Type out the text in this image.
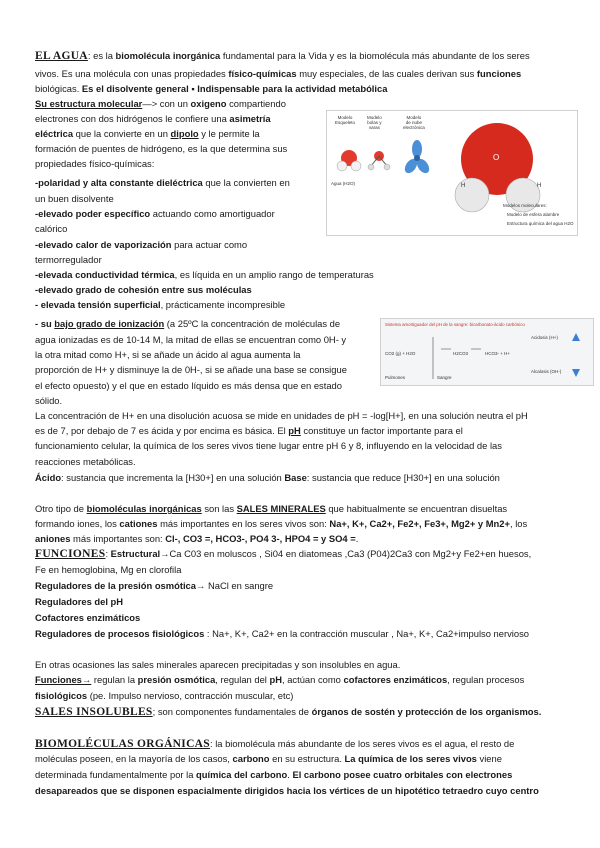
EL AGUA: es la biomolécula inorgánica fundamental para la Vida y es la biomolécula más abundante de los seres
vivos. Es una molécula con unas propiedades físico-químicas muy especiales, de las cuales derivan sus funciones
biológicas. Es el disolvente general ▪ Indispensable para la actividad metabólica
Su estructura molecular—> con un oxigeno compartiendo
electrones con dos hidrógenos le confiere una asimetría
eléctrica que la convierte en un dipolo y le permite la
formación de puentes de hidrógeno, es la que determina sus
propiedades físico-químicas:
-polaridad y alta constante dieléctrica que la convierten en
un buen disolvente
-elevado poder específico actuando como amortiguador
calórico
-elevado calor de vaporización para actuar como
termorregulador
-elevada conductividad térmica, es líquida en un amplio rango de temperaturas
-elevado grado de cohesión entre sus moléculas
- elevada tensión superficial, prácticamente incompresible
- su bajo grado de ionización (a 25ºC la concentración de moléculas de
agua ionizadas es de 10-14 M, la mitad de ellas se encuentran como 0H- y
la otra mitad como H+, si se añade un ácido al agua aumenta la
proporción de H+ y disminuye la de 0H-, si se añade una base se consigue
el efecto opuesto) y el que en estado líquido es más densa que en estado
sólido.
La concentración de H+ en una disolución acuosa se mide en unidades de pH = -log[H+], en una solución neutra el pH
es de 7, por debajo de 7 es ácida y por encima es básica. El pH constituye un factor importante para el
funcionamiento celular, la química de los seres vivos tiene lugar entre pH 6 y 8, influyendo en la velocidad de las
reacciones metabólicas.
Ácido: sustancia que incrementa la [H30+] en una solución Base: sustancia que reduce [H30+] en una solución
Otro tipo de biomoléculas inorgánicas son las SALES MINERALES que habitualmente se encuentran disueltas
formando iones, los cationes más importantes en los seres vivos son: Na+, K+, Ca2+, Fe2+, Fe3+, Mg2+ y Mn2+, los
aniones más importantes son: Cl-, CO3 =, HCO3-, PO4 3-, HPO4 = y SO4 =.
FUNCIONES: Estructural→Ca C03 en moluscos , Si04 en diatomeas ,Ca3 (P04)2Ca3 con Mg2+y Fe2+en huesos,
Fe en hemoglobina, Mg en clorofila
Reguladores de la presión osmótica→ NaCl en sangre
Reguladores del pH
Cofactores enzimáticos
Reguladores de procesos fisiológicos : Na+, K+, Ca2+ en la contracción muscular , Na+, K+, Ca2+impulso nervioso
En otras ocasiones las sales minerales aparecen precipitadas y son insolubles en agua.
Funciones→ regulan la presión osmótica, regulan del pH, actúan como cofactores enzimáticos, regulan procesos
fisiológicos (pe. Impulso nervioso, contracción muscular, etc)
SALES INSOLUBLES; son componentes fundamentales de órganos de sostén y protección de los organismos.
BIOMOLÉCULAS ORGÁNICAS: la biomolécula más abundante de los seres vivos es el agua, el resto de
moléculas poseen, en la mayoría de los casos, carbono en su estructura. La química de los seres vivos viene
determinada fundamentalmente por la química del carbono. El carbono posee cuatro orbitales con electrones
desapareados que se disponen espacialmente dirigidos hacia los vértices de un hipotético tetraedro cuyo centro
Modelo
Esqueleto
Modelo
bolas y
varas
Modelo
de nube
electrónica
Agua (H2O)
25
O
H	H
Modelos moleculares:
Modelo de esfera alambre
Estructura química del agua H2O
Sistema amortiguador del pH de la sangre: bicarbonato-ácido carbónico
CO2 (g) + H2O	H2CO3	HCO3- + H+
Pulmones	Sangre
Acidosis (H+)
Alcalosis (OH-)
